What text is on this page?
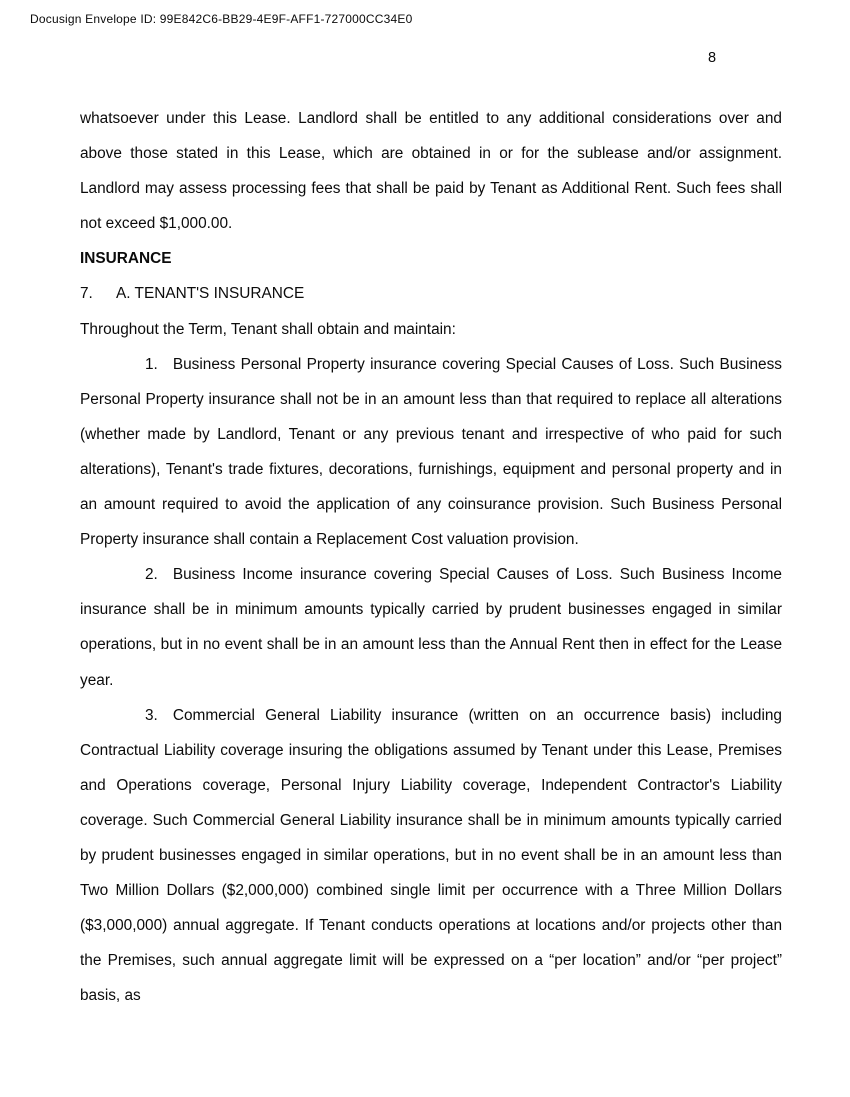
Docusign Envelope ID: 99E842C6-BB29-4E9F-AFF1-727000CC34E0
8

whatsoever under this Lease. Landlord shall be entitled to any additional considerations over and above those stated in this Lease, which are obtained in or for the sublease and/or assignment. Landlord may assess processing fees that shall be paid by Tenant as Additional Rent. Such fees shall not exceed $1,000.00.

INSURANCE

7. A. TENANT'S INSURANCE

Throughout the Term, Tenant shall obtain and maintain:

1. Business Personal Property insurance covering Special Causes of Loss. Such Business Personal Property insurance shall not be in an amount less than that required to replace all alterations (whether made by Landlord, Tenant or any previous tenant and irrespective of who paid for such alterations), Tenant's trade fixtures, decorations, furnishings, equipment and personal property and in an amount required to avoid the application of any coinsurance provision. Such Business Personal Property insurance shall contain a Replacement Cost valuation provision.

2. Business Income insurance covering Special Causes of Loss. Such Business Income insurance shall be in minimum amounts typically carried by prudent businesses engaged in similar operations, but in no event shall be in an amount less than the Annual Rent then in effect for the Lease year.

3. Commercial General Liability insurance (written on an occurrence basis) including Contractual Liability coverage insuring the obligations assumed by Tenant under this Lease, Premises and Operations coverage, Personal Injury Liability coverage, Independent Contractor's Liability coverage. Such Commercial General Liability insurance shall be in minimum amounts typically carried by prudent businesses engaged in similar operations, but in no event shall be in an amount less than Two Million Dollars ($2,000,000) combined single limit per occurrence with a Three Million Dollars ($3,000,000) annual aggregate. If Tenant conducts operations at locations and/or projects other than the Premises, such annual aggregate limit will be expressed on a “per location” and/or “per project” basis, as
